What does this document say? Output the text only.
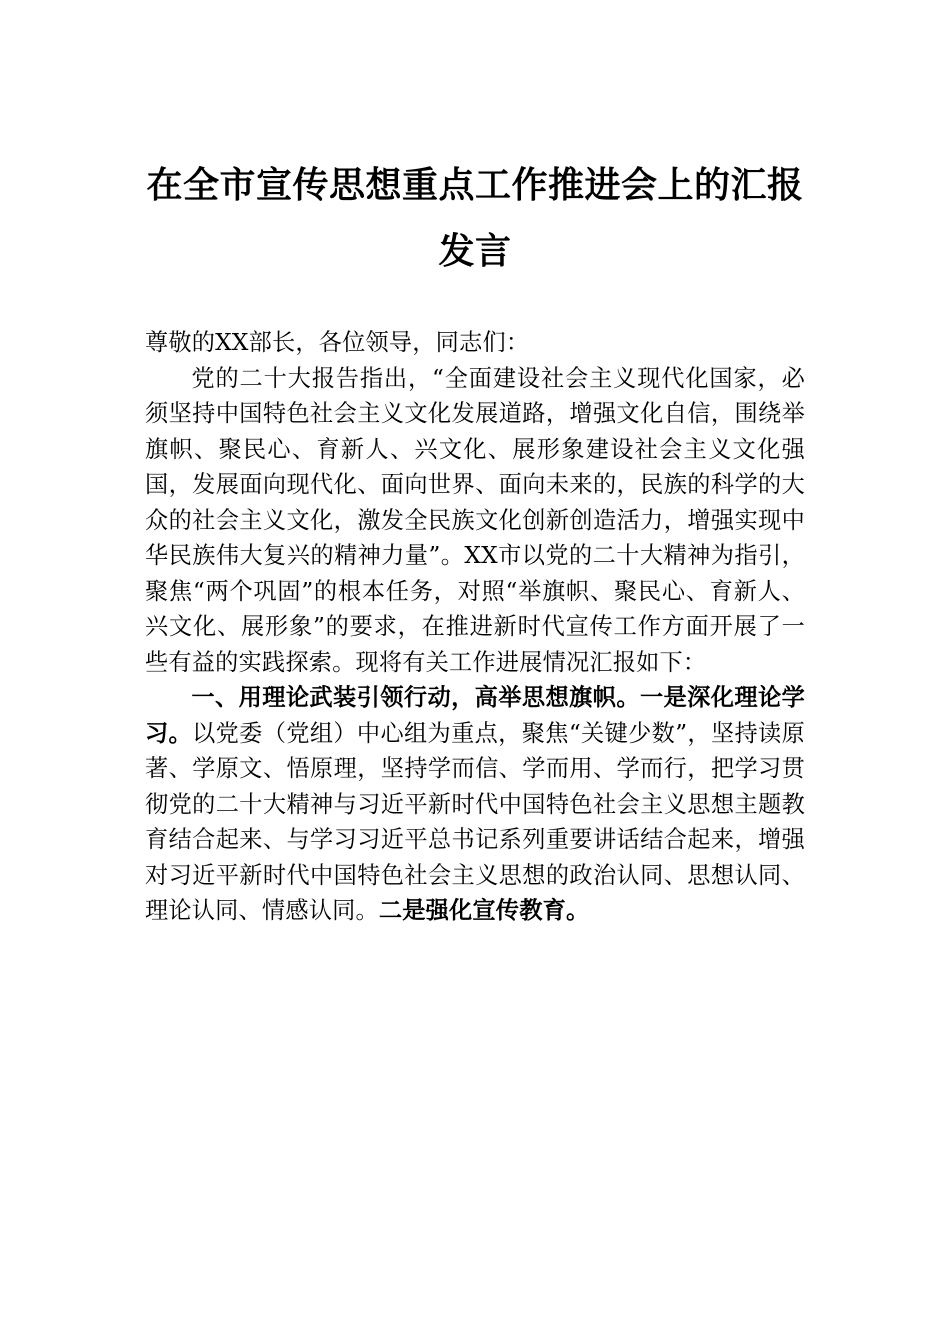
在全市宣传思想重点工作推进会上的汇报
发言

尊敬的XX部长，各位领导，同志们：

党的二十大报告指出，“全面建设社会主义现代化国家，必须坚持中国特色社会主义文化发展道路，增强文化自信，围绕举旗帜、聚民心、育新人、兴文化、展形象建设社会主义文化强国，发展面向现代化、面向世界、面向未来的，民族的科学的大众的社会主义文化，激发全民族文化创新创造活力，增强实现中华民族伟大复兴的精神力量”。XX市以党的二十大精神为指引，聚焦“两个巩固”的根本任务，对照“举旗帜、聚民心、育新人、兴文化、展形象”的要求，在推进新时代宣传工作方面开展了一些有益的实践探索。现将有关工作进展情况汇报如下：

一、用理论武装引领行动，高举思想旗帜。一是深化理论学习。以党委（党组）中心组为重点，聚焦“关键少数”，坚持读原著、学原文、悟原理，坚持学而信、学而用、学而行，把学习贯彻党的二十大精神与习近平新时代中国特色社会主义思想主题教育结合起来、与学习习近平总书记系列重要讲话结合起来，增强对习近平新时代中国特色社会主义思想的政治认同、思想认同、理论认同、情感认同。二是强化宣传教育。
